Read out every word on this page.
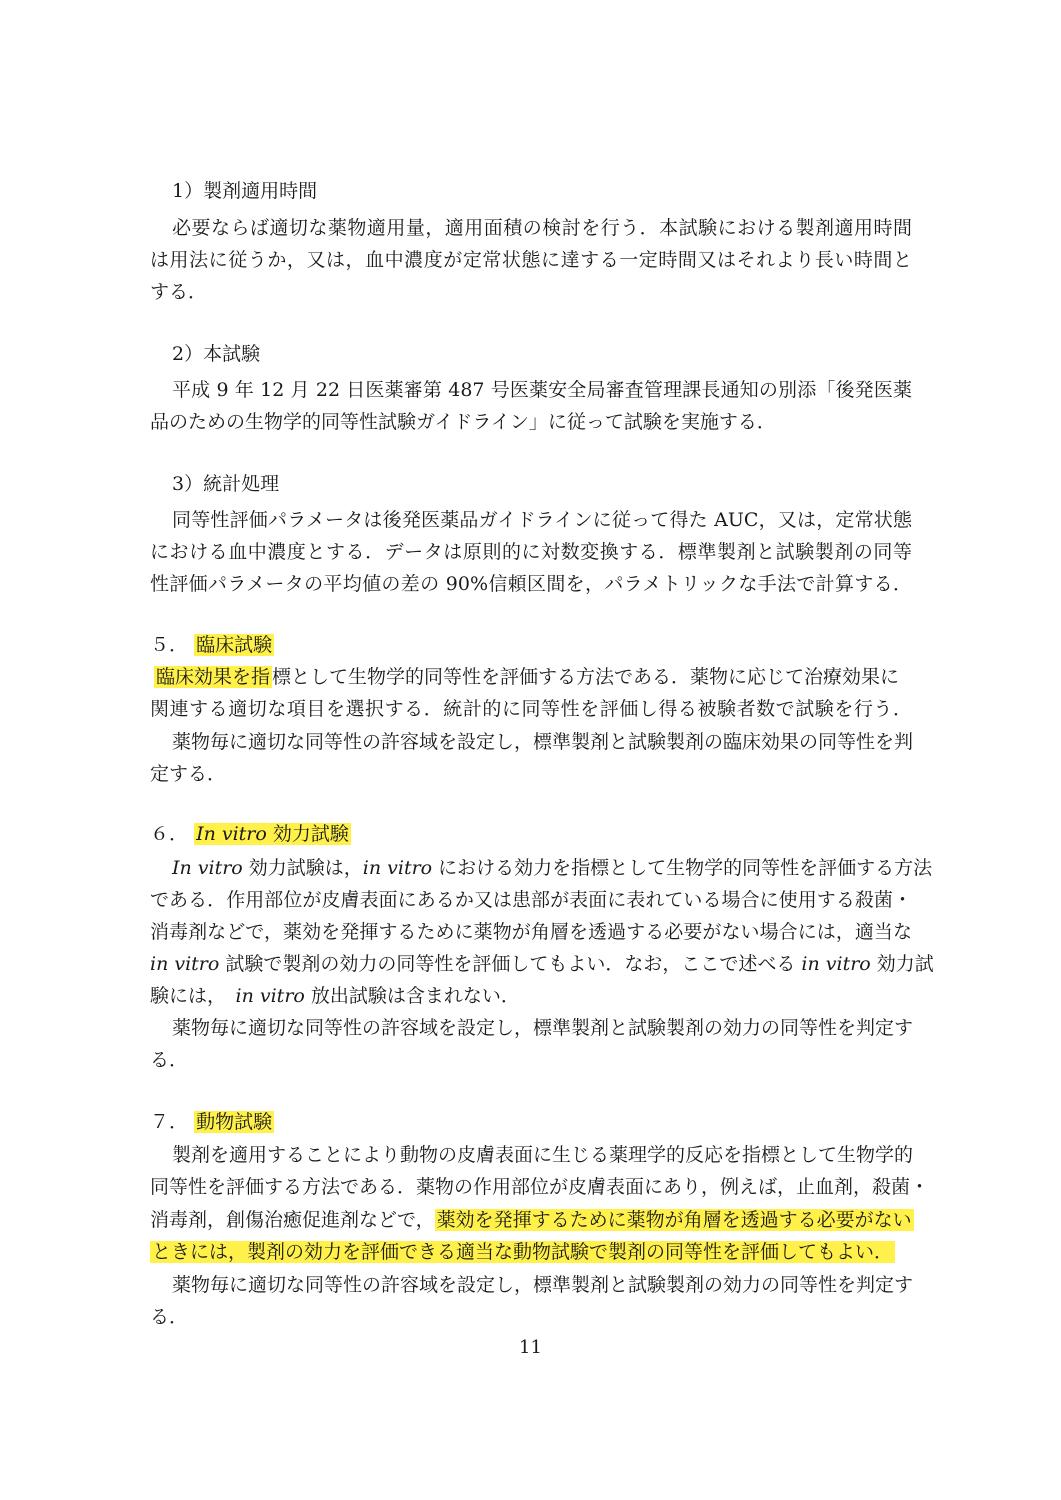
1）製剤適用時間
必要ならば適切な薬物適用量，適用面積の検討を行う．本試験における製剤適用時間
は用法に従うか，又は，血中濃度が定常状態に達する一定時間又はそれより長い時間と
する．
2）本試験
平成 9 年 12 月 22 日医薬審第 487 号医薬安全局審査管理課長通知の別添「後発医薬
品のための生物学的同等性試験ガイドライン」に従って試験を実施する．
3）統計処理
同等性評価パラメータは後発医薬品ガイドラインに従って得た AUC，又は，定常状態
における血中濃度とする．データは原則的に対数変換する．標準製剤と試験製剤の同等
性評価パラメータの平均値の差の 90%信頼区間を，パラメトリックな手法で計算する．
５． 臨床試験
臨床効果を指 標として生物学的同等性を評価する方法である．薬物に応じて治療効果に
関連する適切な項目を選択する．統計的に同等性を評価し得る被験者数で試験を行う．
薬物毎に適切な同等性の許容域を設定し，標準製剤と試験製剤の臨床効果の同等性を判
定する．
６． In vitro 効力試験
In vitro 効力試験は，in vitro における効力を指標として生物学的同等性を評価する方法
である．作用部位が皮膚表面にあるか又は患部が表面に表れている場合に使用する殺菌・
消毒剤などで，薬効を発揮するために薬物が角層を透過する必要がない場合には，適当な
in vitro 試験で製剤の効力の同等性を評価してもよい．なお，ここで述べる in vitro 効力試
験には，　in vitro 放出試験は含まれない．
薬物毎に適切な同等性の許容域を設定し，標準製剤と試験製剤の効力の同等性を判定す
る．
７． 動物試験
製剤を適用することにより動物の皮膚表面に生じる薬理学的反応を指標として生物学的
同等性を評価する方法である．薬物の作用部位が皮膚表面にあり，例えば，止血剤，殺菌・
消毒剤，創傷治癒促進剤などで， 薬効を発揮するために薬物が角層を透過する必要がない
ときには，製剤の効力を評価できる適当な動物試験で製剤の同等性を評価してもよい．
薬物毎に適切な同等性の許容域を設定し，標準製剤と試験製剤の効力の同等性を判定す
る．
11
